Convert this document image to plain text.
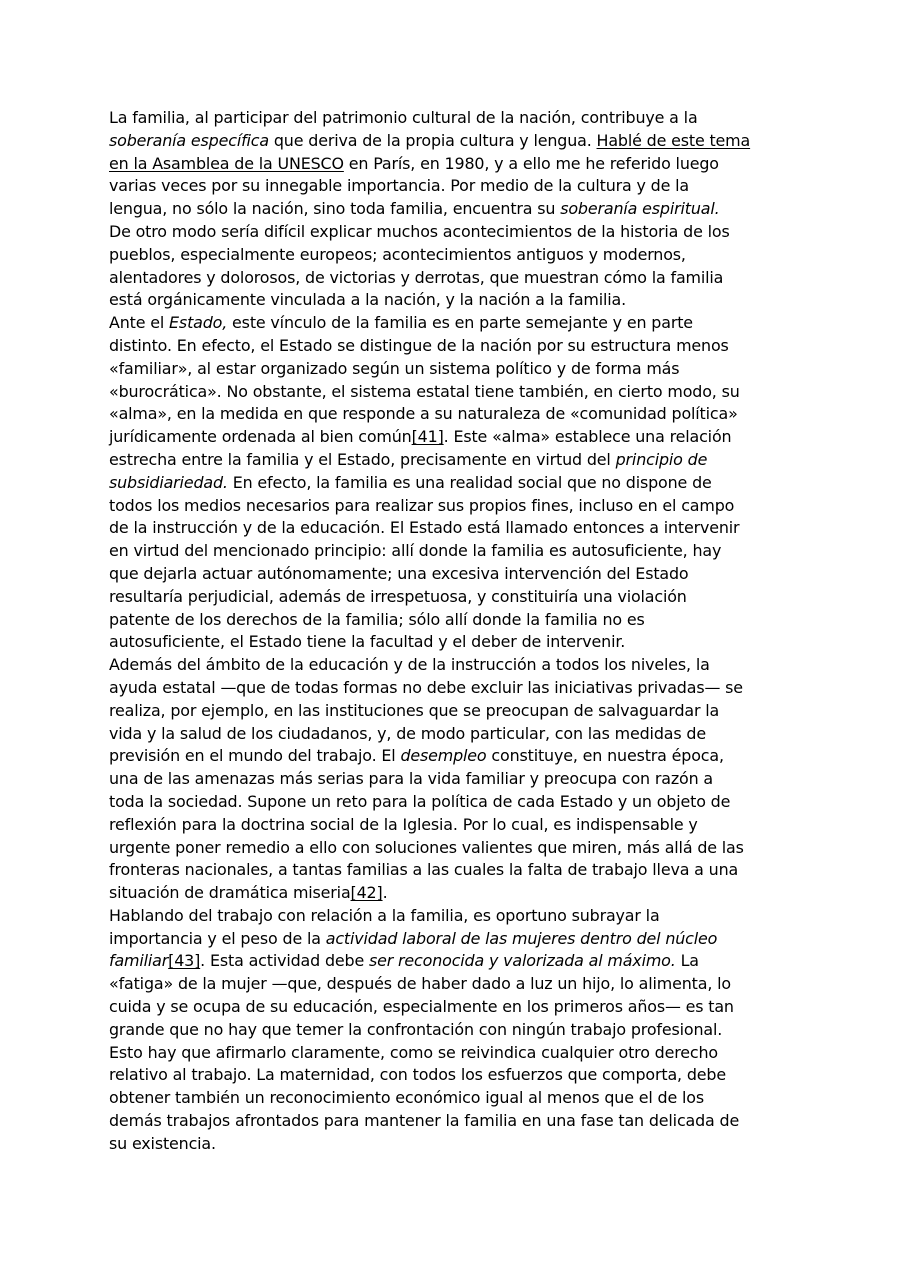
La familia, al participar del patrimonio cultural de la nación, contribuye a la
soberanía específica que deriva de la propia cultura y lengua. Hablé de este tema
en la Asamblea de la UNESCO en París, en 1980, y a ello me he referido luego
varias veces por su innegable importancia. Por medio de la cultura y de la
lengua, no sólo la nación, sino toda familia, encuentra su soberanía espiritual.
De otro modo sería difícil explicar muchos acontecimientos de la historia de los
pueblos, especialmente europeos; acontecimientos antiguos y modernos,
alentadores y dolorosos, de victorias y derrotas, que muestran cómo la familia
está orgánicamente vinculada a la nación, y la nación a la familia.
Ante el Estado, este vínculo de la familia es en parte semejante y en parte
distinto. En efecto, el Estado se distingue de la nación por su estructura menos
«familiar», al estar organizado según un sistema político y de forma más
«burocrática». No obstante, el sistema estatal tiene también, en cierto modo, su
«alma», en la medida en que responde a su naturaleza de «comunidad política»
jurídicamente ordenada al bien común[41]. Este «alma» establece una relación
estrecha entre la familia y el Estado, precisamente en virtud del principio de
subsidiariedad. En efecto, la familia es una realidad social que no dispone de
todos los medios necesarios para realizar sus propios fines, incluso en el campo
de la instrucción y de la educación. El Estado está llamado entonces a intervenir
en virtud del mencionado principio: allí donde la familia es autosuficiente, hay
que dejarla actuar autónomamente; una excesiva intervención del Estado
resultaría perjudicial, además de irrespetuosa, y constituiría una violación
patente de los derechos de la familia; sólo allí donde la familia no es
autosuficiente, el Estado tiene la facultad y el deber de intervenir.
Además del ámbito de la educación y de la instrucción a todos los niveles, la
ayuda estatal —que de todas formas no debe excluir las iniciativas privadas— se
realiza, por ejemplo, en las instituciones que se preocupan de salvaguardar la
vida y la salud de los ciudadanos, y, de modo particular, con las medidas de
previsión en el mundo del trabajo. El desempleo constituye, en nuestra época,
una de las amenazas más serias para la vida familiar y preocupa con razón a
toda la sociedad. Supone un reto para la política de cada Estado y un objeto de
reflexión para la doctrina social de la Iglesia. Por lo cual, es indispensable y
urgente poner remedio a ello con soluciones valientes que miren, más allá de las
fronteras nacionales, a tantas familias a las cuales la falta de trabajo lleva a una
situación de dramática miseria[42].
Hablando del trabajo con relación a la familia, es oportuno subrayar la
importancia y el peso de la actividad laboral de las mujeres dentro del núcleo
familiar[43]. Esta actividad debe ser reconocida y valorizada al máximo. La
«fatiga» de la mujer —que, después de haber dado a luz un hijo, lo alimenta, lo
cuida y se ocupa de su educación, especialmente en los primeros años— es tan
grande que no hay que temer la confrontación con ningún trabajo profesional.
Esto hay que afirmarlo claramente, como se reivindica cualquier otro derecho
relativo al trabajo. La maternidad, con todos los esfuerzos que comporta, debe
obtener también un reconocimiento económico igual al menos que el de los
demás trabajos afrontados para mantener la familia en una fase tan delicada de
su existencia.
